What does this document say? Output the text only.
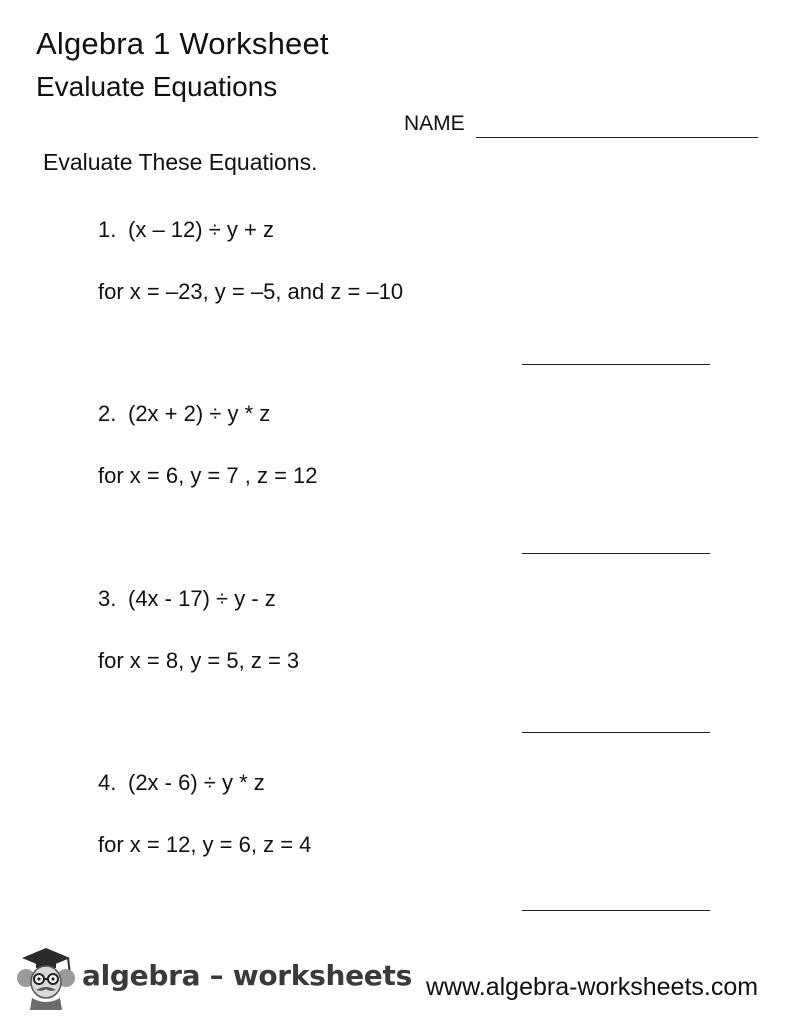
Algebra 1 Worksheet
Evaluate Equations
NAME
Evaluate These Equations.
1. (x – 12) ÷ y + z
for x = –23, y = –5, and z = –10
2. (2x + 2) ÷ y * z
for x = 6, y = 7 , z = 12
3. (4x - 17) ÷ y - z
for x = 8, y = 5, z = 3
4. (2x - 6) ÷ y * z
for x = 12, y = 6, z = 4
algebra – worksheets www.algebra-worksheets.com
